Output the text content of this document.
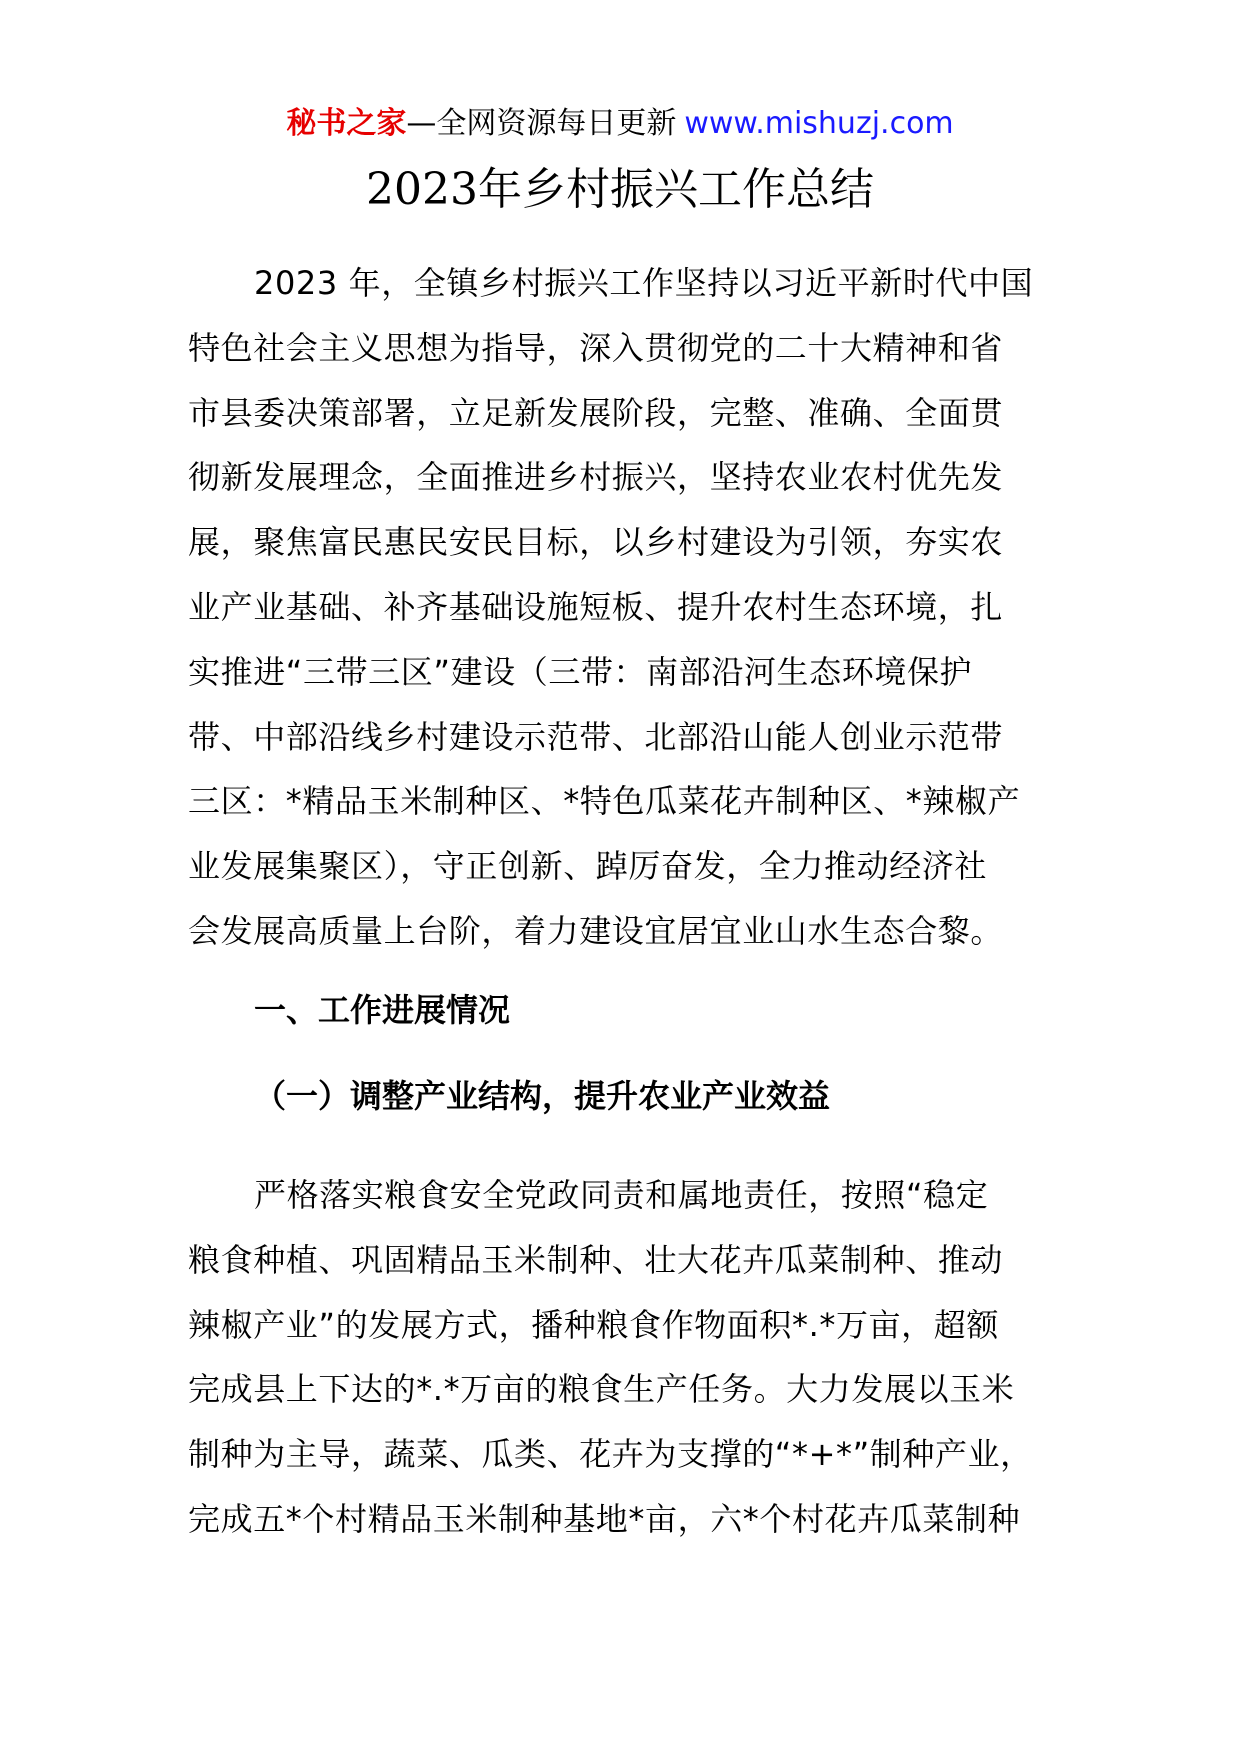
秘书之家—全网资源每日更新 www.mishuzj.com
2023年乡村振兴工作总结

2023 年，全镇乡村振兴工作坚持以习近平新时代中国
特色社会主义思想为指导，深入贯彻党的二十大精神和省
市县委决策部署，立足新发展阶段，完整、准确、全面贯
彻新发展理念，全面推进乡村振兴，坚持农业农村优先发
展，聚焦富民惠民安民目标，以乡村建设为引领，夯实农
业产业基础、补齐基础设施短板、提升农村生态环境，扎
实推进“三带三区”建设（三带：南部沿河生态环境保护
带、中部沿线乡村建设示范带、北部沿山能人创业示范带
三区：*精品玉米制种区、*特色瓜菜花卉制种区、*辣椒产
业发展集聚区），守正创新、踔厉奋发，全力推动经济社
会发展高质量上台阶，着力建设宜居宜业山水生态合黎。

一、工作进展情况
（一）调整产业结构，提升农业产业效益

严格落实粮食安全党政同责和属地责任，按照“稳定
粮食种植、巩固精品玉米制种、壮大花卉瓜菜制种、推动
辣椒产业”的发展方式，播种粮食作物面积*.*万亩，超额
完成县上下达的*.*万亩的粮食生产任务。大力发展以玉米
制种为主导，蔬菜、瓜类、花卉为支撑的“*+*”制种产业，
完成五*个村精品玉米制种基地*亩，六*个村花卉瓜菜制种
